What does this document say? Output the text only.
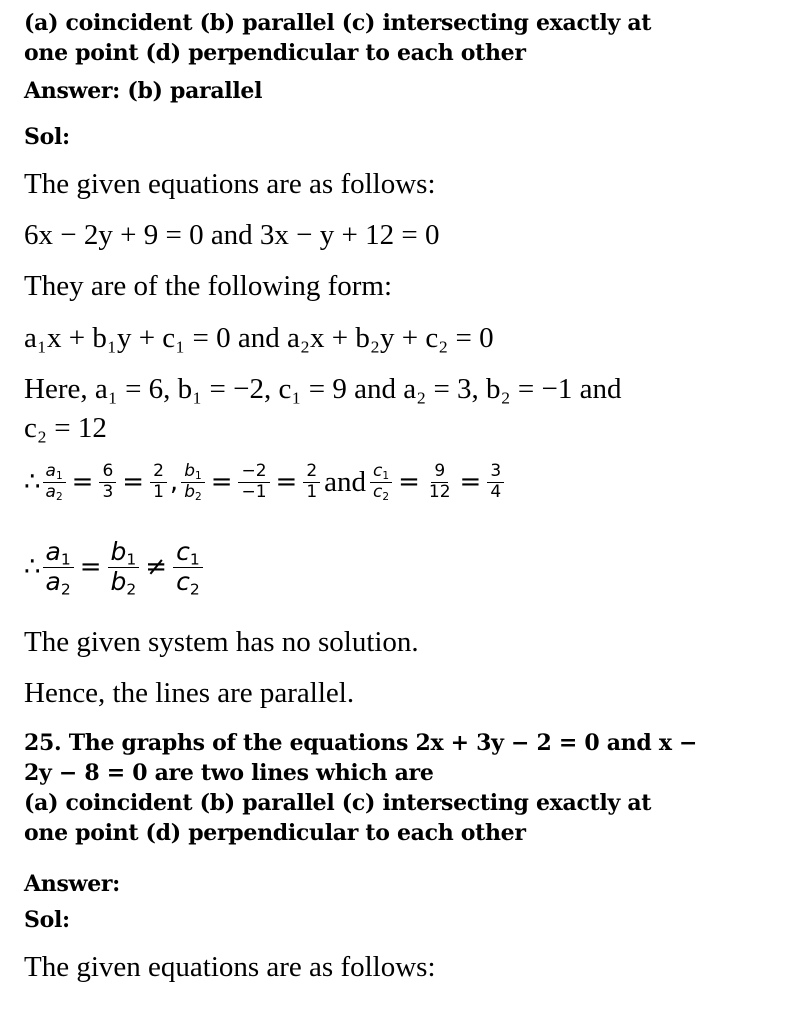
(a) coincident (b) parallel (c) intersecting exactly at
one point (d) perpendicular to each other
Answer: (b) parallel
Sol:
The given equations are as follows:
6x − 2y + 9 = 0 and 3x − y + 12 = 0
They are of the following form:
a₁x + b₁y + c₁ = 0 and a₂x + b₂y + c₂ = 0
Here, a₁ = 6, b₁ = −2, c₁ = 9 and a₂ = 3, b₂ = −1 and
c₂ = 12
∴ $\frac{a_1}{a_2} = \frac{6}{3} = \frac{2}{1}$ , $\frac{b_1}{b_2} = \frac{-2}{-1} = \frac{2}{1}$ and $\frac{c_1}{c_2} = \frac{9}{12} = \frac{3}{4}$
∴ $\frac{a_1}{a_2} = \frac{b_1}{b_2} \ne \frac{c_1}{c_2}$
The given system has no solution.
Hence, the lines are parallel.
25. The graphs of the equations 2x + 3y − 2 = 0 and x −
2y − 8 = 0 are two lines which are
(a) coincident (b) parallel (c) intersecting exactly at
one point (d) perpendicular to each other
Answer:
Sol:
The given equations are as follows:
